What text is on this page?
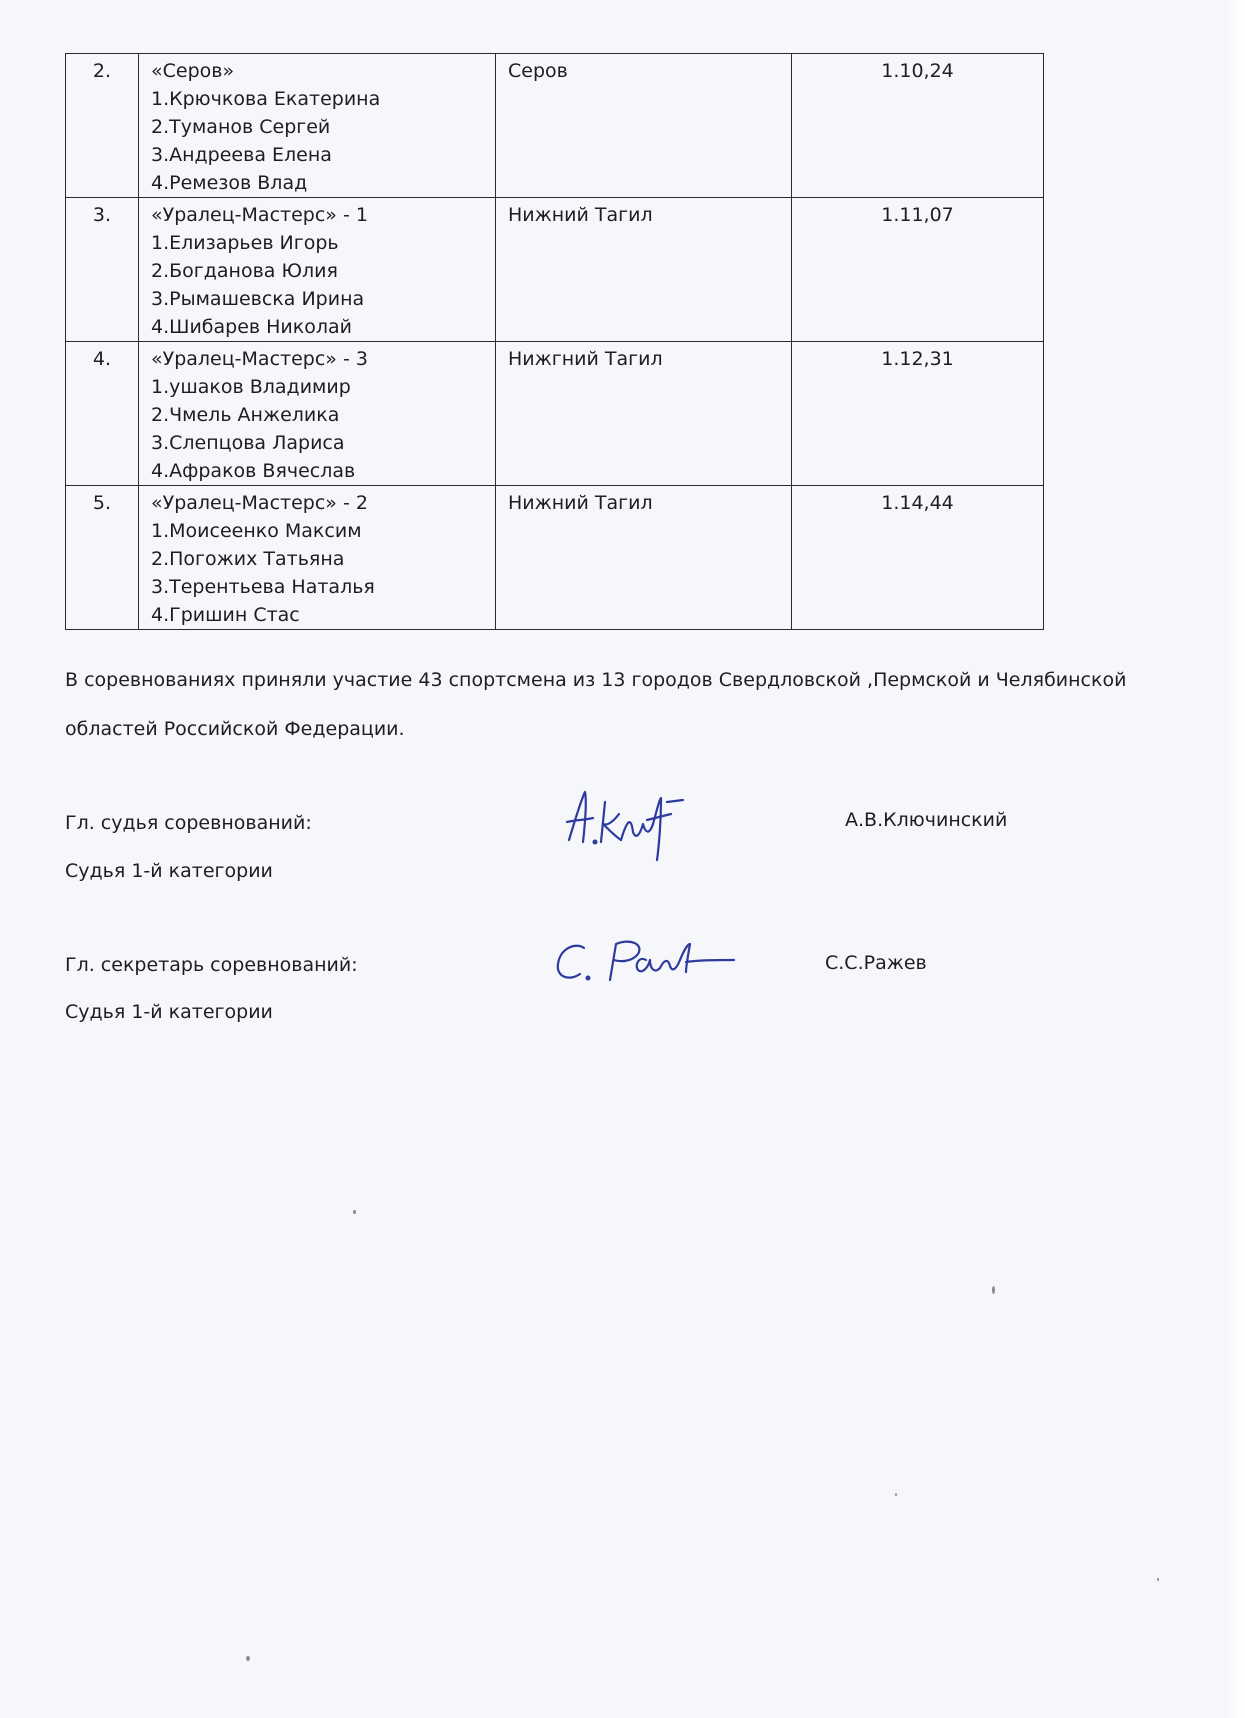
2.	«Серов»
1.Крючкова Екатерина
2.Туманов Сергей
3.Андреева Елена
4.Ремезов Влад	Серов	1.10,24
3.	«Уралец-Мастерс» - 1
1.Елизарьев Игорь
2.Богданова Юлия
3.Рымашевска Ирина
4.Шибарев Николай	Нижний Тагил	1.11,07
4.	«Уралец-Мастерс» - 3
1.ушаков Владимир
2.Чмель Анжелика
3.Слепцова Лариса
4.Афраков Вячеслав	Нижгний Тагил	1.12,31
5.	«Уралец-Мастерс» - 2
1.Моисеенко Максим
2.Погожих Татьяна
3.Терентьева Наталья
4.Гришин Стас	Нижний Тагил	1.14,44

В соревнованиях приняли участие 43 спортсмена из 13 городов Свердловской ,Пермской и Челябинской

областей Российской Федерации.

Гл. судья соревнований:
Судья 1-й категории
А.В.Ключинский
Гл. секретарь соревнований:
Судья 1-й категории
С.С.Ражев
